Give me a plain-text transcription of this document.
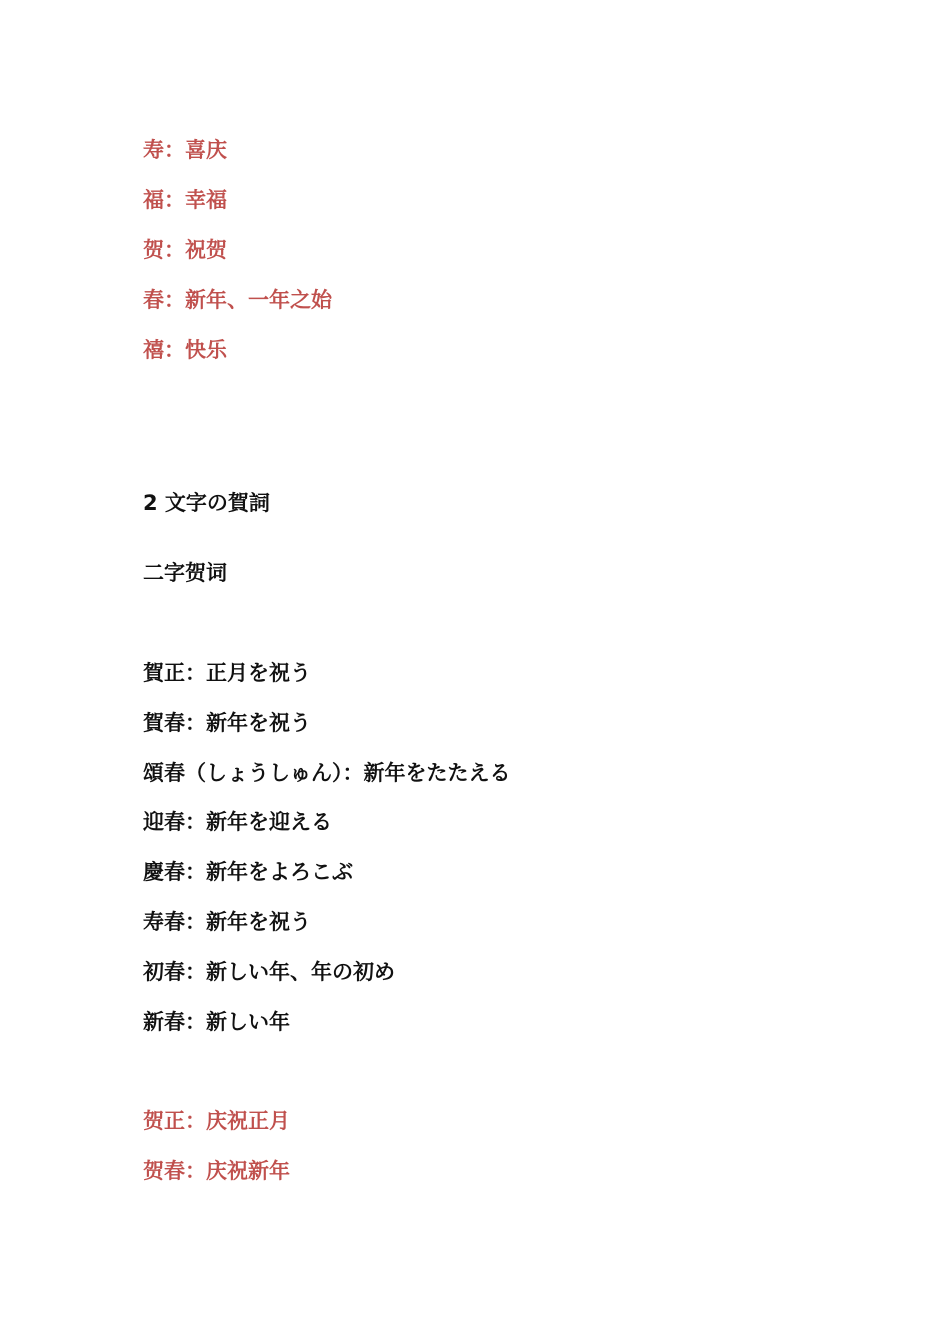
寿：喜庆
福：幸福
贺：祝贺
春：新年、一年之始
禧：快乐
2 文字の賀詞
二字贺词
賀正：正月を祝う
賀春：新年を祝う
頌春（しょうしゅん）：新年をたたえる
迎春：新年を迎える
慶春：新年をよろこぶ
寿春：新年を祝う
初春：新しい年、年の初め
新春：新しい年
贺正：庆祝正月
贺春：庆祝新年
